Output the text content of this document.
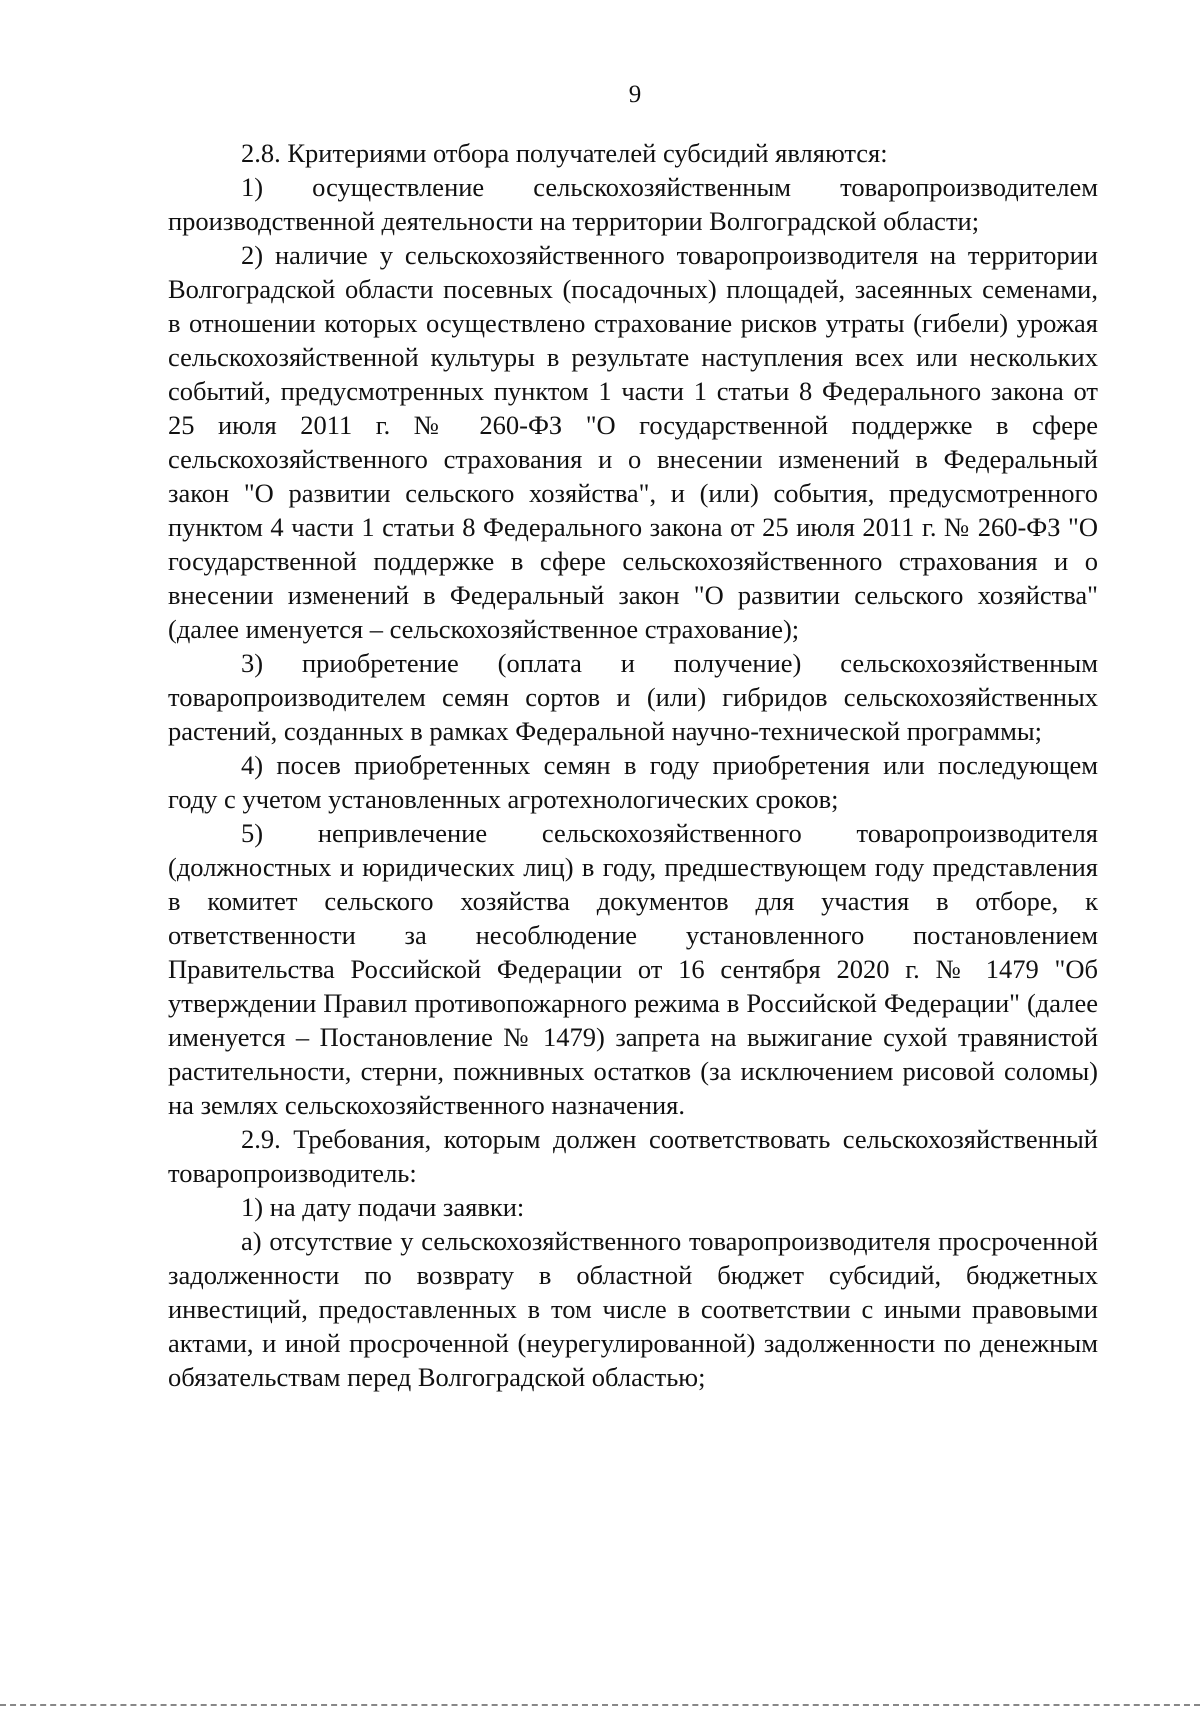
9

2.8. Критериями отбора получателей субсидий являются:

1) осуществление сельскохозяйственным товаропроизводителем производственной деятельности на территории Волгоградской области;

2) наличие у сельскохозяйственного товаропроизводителя на территории Волгоградской области посевных (посадочных) площадей, засеянных семенами, в отношении которых осуществлено страхование рисков утраты (гибели) урожая сельскохозяйственной культуры в результате наступления всех или нескольких событий, предусмотренных пунктом 1 части 1 статьи 8 Федерального закона от 25 июля 2011 г. № 260-ФЗ "О государственной поддержке в сфере сельскохозяйственного страхования и о внесении изменений в Федеральный закон "О развитии сельского хозяйства", и (или) события, предусмотренного пунктом 4 части 1 статьи 8 Федерального закона от 25 июля 2011 г. № 260-ФЗ "О государственной поддержке в сфере сельскохозяйственного страхования и о внесении изменений в Федеральный закон "О развитии сельского хозяйства" (далее именуется – сельскохозяйственное страхование);

3) приобретение (оплата и получение) сельскохозяйственным товаропроизводителем семян сортов и (или) гибридов сельскохозяйственных растений, созданных в рамках Федеральной научно-технической программы;

4) посев приобретенных семян в году приобретения или последующем году с учетом установленных агротехнологических сроков;

5) непривлечение сельскохозяйственного товаропроизводителя (должностных и юридических лиц) в году, предшествующем году представления в комитет сельского хозяйства документов для участия в отборе, к ответственности за несоблюдение установленного постановлением Правительства Российской Федерации от 16 сентября 2020 г. № 1479 "Об утверждении Правил противопожарного режима в Российской Федерации" (далее именуется – Постановление № 1479) запрета на выжигание сухой травянистой растительности, стерни, пожнивных остатков (за исключением рисовой соломы) на землях сельскохозяйственного назначения.

2.9. Требования, которым должен соответствовать сельскохозяйственный товаропроизводитель:

1) на дату подачи заявки:

а) отсутствие у сельскохозяйственного товаропроизводителя просроченной задолженности по возврату в областной бюджет субсидий, бюджетных инвестиций, предоставленных в том числе в соответствии с иными правовыми актами, и иной просроченной (неурегулированной) задолженности по денежным обязательствам перед Волгоградской областью;
